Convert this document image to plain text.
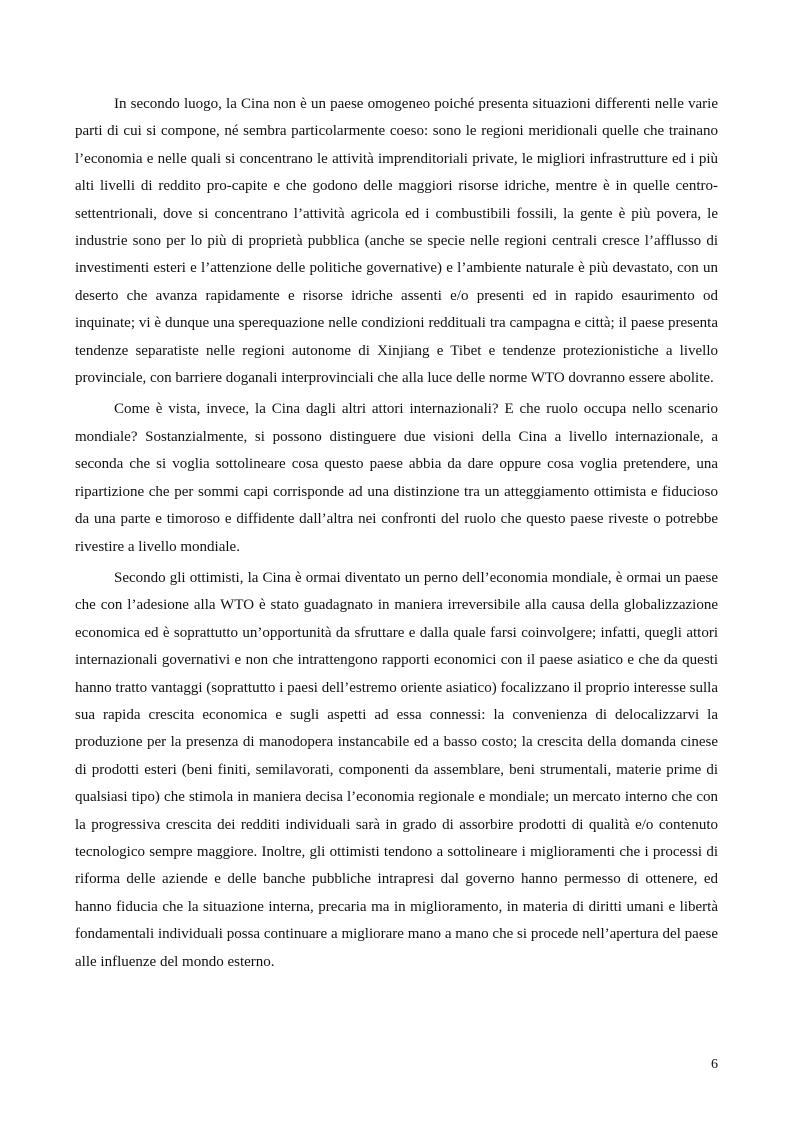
In secondo luogo, la Cina non è un paese omogeneo poiché presenta situazioni differenti nelle varie parti di cui si compone, né sembra particolarmente coeso: sono le regioni meridionali quelle che trainano l’economia e nelle quali si concentrano le attività imprenditoriali private, le migliori infrastrutture ed i più alti livelli di reddito pro-capite e che godono delle maggiori risorse idriche, mentre è in quelle centro-settentrionali, dove si concentrano l’attività agricola ed i combustibili fossili, la gente è più povera, le industrie sono per lo più di proprietà pubblica (anche se specie nelle regioni centrali cresce l’afflusso di investimenti esteri e l’attenzione delle politiche governative) e l’ambiente naturale è più devastato, con un deserto che avanza rapidamente e risorse idriche assenti e/o presenti ed in rapido esaurimento od inquinate; vi è dunque una sperequazione nelle condizioni reddituali tra campagna e città; il paese presenta tendenze separatiste nelle regioni autonome di Xinjiang e Tibet e tendenze protezionistiche a livello provinciale, con barriere doganali interprovinciali che alla luce delle norme WTO dovranno essere abolite.

Come è vista, invece, la Cina dagli altri attori internazionali? E che ruolo occupa nello scenario mondiale? Sostanzialmente, si possono distinguere due visioni della Cina a livello internazionale, a seconda che si voglia sottolineare cosa questo paese abbia da dare oppure cosa voglia pretendere, una ripartizione che per sommi capi corrisponde ad una distinzione tra un atteggiamento ottimista e fiducioso da una parte e timoroso e diffidente dall’altra nei confronti del ruolo che questo paese riveste o potrebbe rivestire a livello mondiale.

Secondo gli ottimisti, la Cina è ormai diventato un perno dell’economia mondiale, è ormai un paese che con l’adesione alla WTO è stato guadagnato in maniera irreversibile alla causa della globalizzazione economica ed è soprattutto un’opportunità da sfruttare e dalla quale farsi coinvolgere; infatti, quegli attori internazionali governativi e non che intrattengono rapporti economici con il paese asiatico e che da questi hanno tratto vantaggi (soprattutto i paesi dell’estremo oriente asiatico) focalizzano il proprio interesse sulla sua rapida crescita economica e sugli aspetti ad essa connessi: la convenienza di delocalizzarvi la produzione per la presenza di manodopera instancabile ed a basso costo; la crescita della domanda cinese di prodotti esteri (beni finiti, semilavorati, componenti da assemblare, beni strumentali, materie prime di qualsiasi tipo) che stimola in maniera decisa l’economia regionale e mondiale; un mercato interno che con la progressiva crescita dei redditi individuali sarà in grado di assorbire prodotti di qualità e/o contenuto tecnologico sempre maggiore. Inoltre, gli ottimisti tendono a sottolineare i miglioramenti che i processi di riforma delle aziende e delle banche pubbliche intrapresi dal governo hanno permesso di ottenere, ed hanno fiducia che la situazione interna, precaria ma in miglioramento, in materia di diritti umani e libertà fondamentali individuali possa continuare a migliorare mano a mano che si procede nell’apertura del paese alle influenze del mondo esterno.

6
